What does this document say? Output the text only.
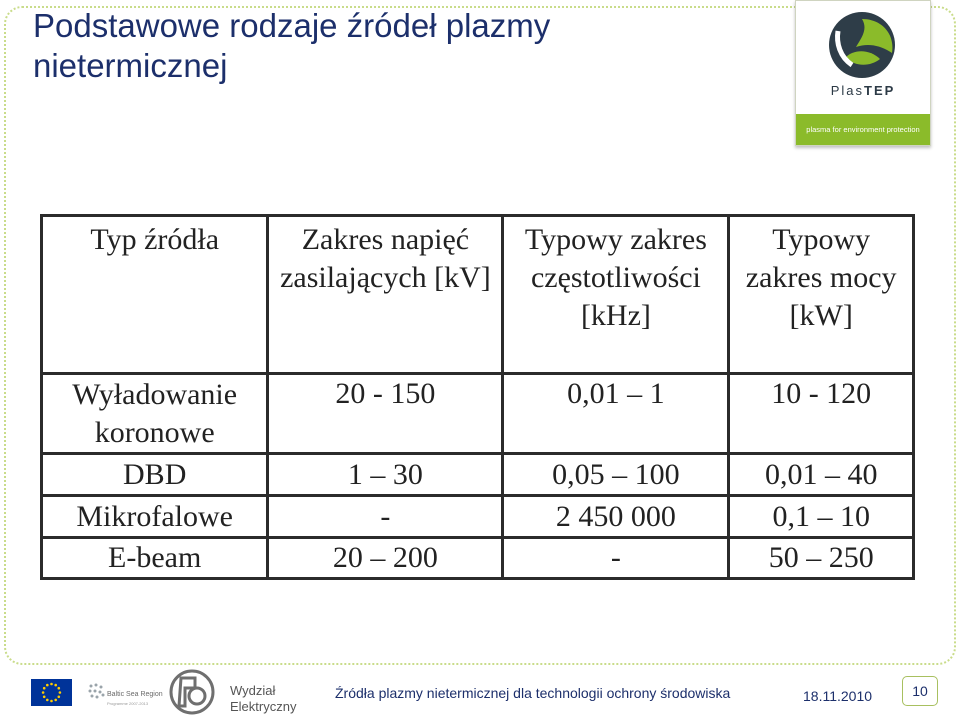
Podstawowe rodzaje źródeł plazmy nietermicznej
PlasTEP
plasma for environment protection
Typ źródła	Zakres napięć zasilających [kV]	Typowy zakres częstotliwości [kHz]	Typowy zakres mocy [kW]
Wyładowanie koronowe	20 - 150	0,01 – 1	10 - 120
DBD	1 – 30	0,05 – 100	0,01 – 40
Mikrofalowe	-	2 450 000	0,1 – 10
E-beam	20 – 200	-	50 – 250
Baltic Sea Region
Programme 2007-2013
Wydział
Elektryczny
Źródła plazmy nietermicznej dla technologii ochrony środowiska	18.11.2010	10
